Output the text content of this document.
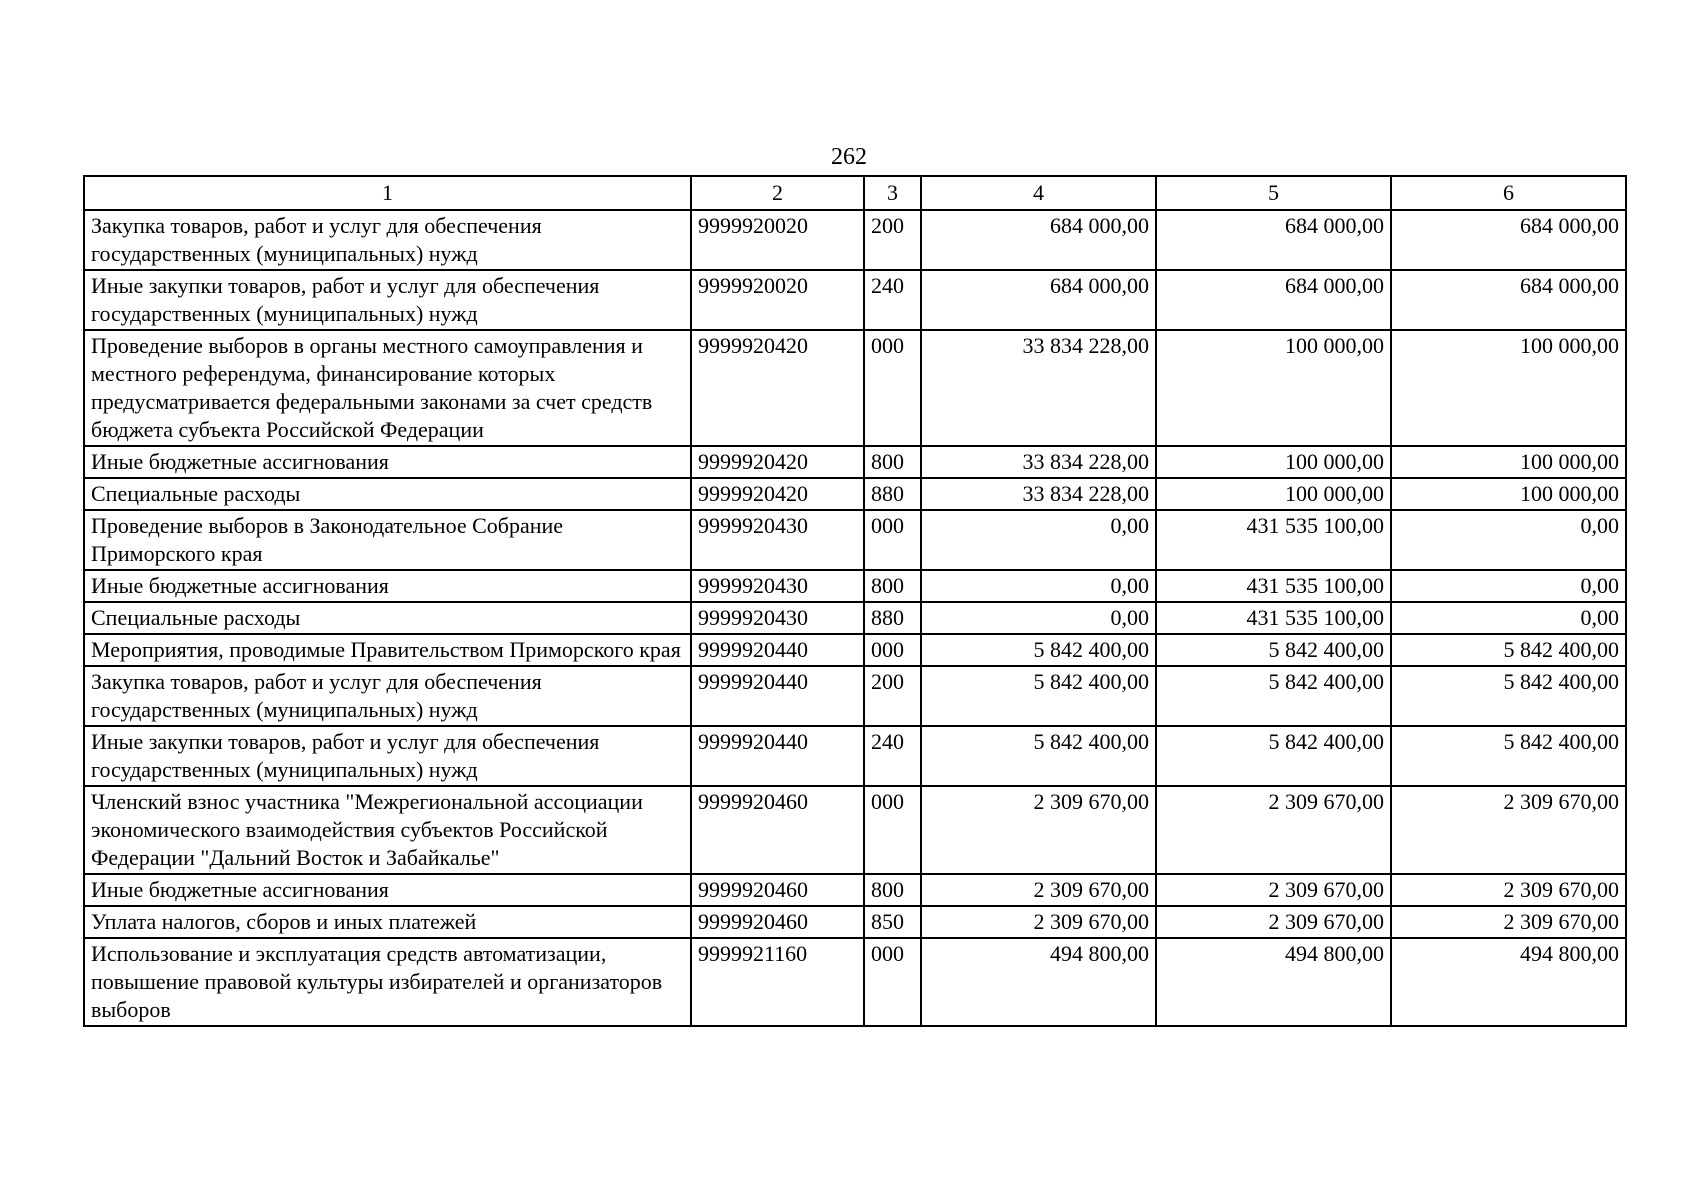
262
1	2	3	4	5	6
Закупка товаров, работ и услуг для обеспечения государственных (муниципальных) нужд	9999920020	200	684 000,00	684 000,00	684 000,00
Иные закупки товаров, работ и услуг для обеспечения государственных (муниципальных) нужд	9999920020	240	684 000,00	684 000,00	684 000,00
Проведение выборов в органы местного самоуправления и местного референдума, финансирование которых предусматривается федеральными законами за счет средств бюджета субъекта Российской Федерации	9999920420	000	33 834 228,00	100 000,00	100 000,00
Иные бюджетные ассигнования	9999920420	800	33 834 228,00	100 000,00	100 000,00
Специальные расходы	9999920420	880	33 834 228,00	100 000,00	100 000,00
Проведение выборов в Законодательное Собрание Приморского края	9999920430	000	0,00	431 535 100,00	0,00
Иные бюджетные ассигнования	9999920430	800	0,00	431 535 100,00	0,00
Специальные расходы	9999920430	880	0,00	431 535 100,00	0,00
Мероприятия, проводимые Правительством Приморского края	9999920440	000	5 842 400,00	5 842 400,00	5 842 400,00
Закупка товаров, работ и услуг для обеспечения государственных (муниципальных) нужд	9999920440	200	5 842 400,00	5 842 400,00	5 842 400,00
Иные закупки товаров, работ и услуг для обеспечения государственных (муниципальных) нужд	9999920440	240	5 842 400,00	5 842 400,00	5 842 400,00
Членский взнос участника "Межрегиональной ассоциации экономического взаимодействия субъектов Российской Федерации "Дальний Восток и Забайкалье"	9999920460	000	2 309 670,00	2 309 670,00	2 309 670,00
Иные бюджетные ассигнования	9999920460	800	2 309 670,00	2 309 670,00	2 309 670,00
Уплата налогов, сборов и иных платежей	9999920460	850	2 309 670,00	2 309 670,00	2 309 670,00
Использование и эксплуатация средств автоматизации, повышение правовой культуры избирателей и организаторов выборов	9999921160	000	494 800,00	494 800,00	494 800,00
